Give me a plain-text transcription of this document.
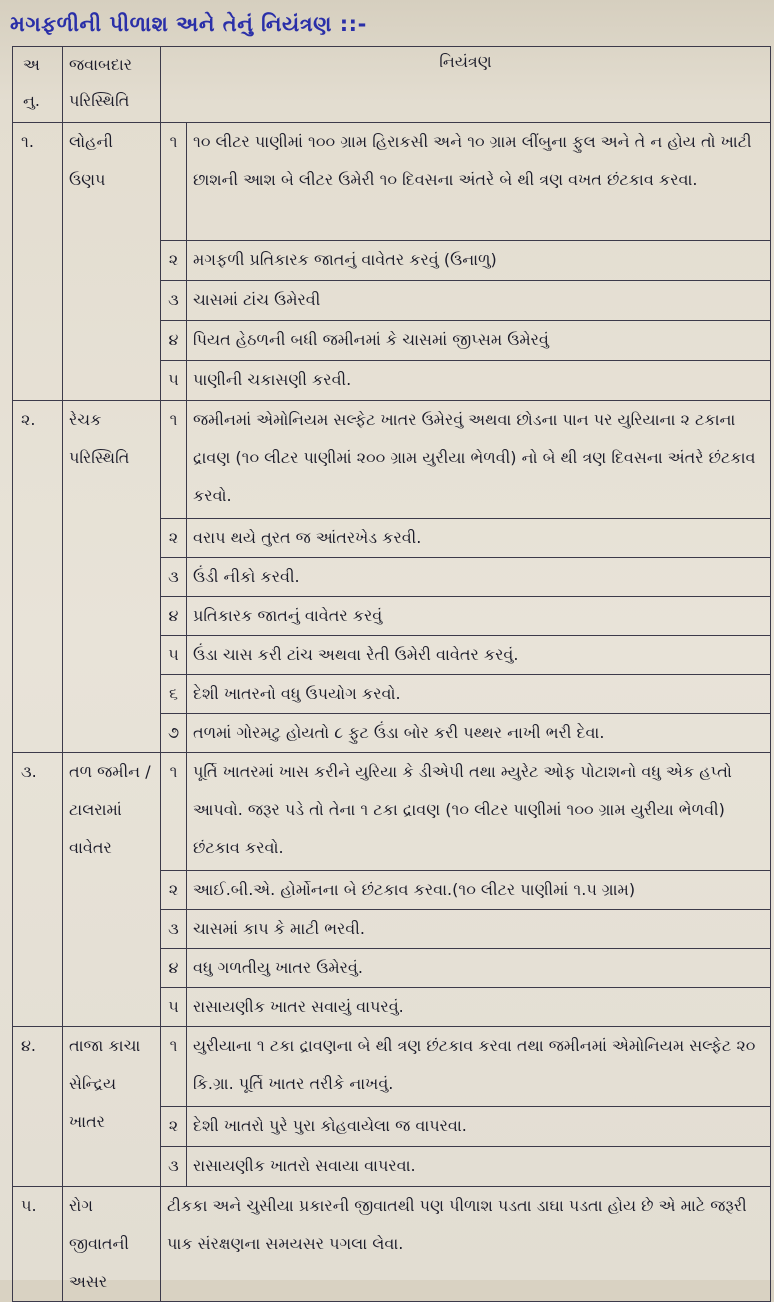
મગફળીની પીળાશ અને તેનું નિયંત્રણ ::-
અ નુ.	જવાબદાર પરિસ્થિતિ	નિયંત્રણ	
૧.	લોહની ઉણપ	૧	૧૦ લીટર પાણીમાં ૧૦૦ ગ્રામ હિરાકસી અને ૧૦ ગ્રામ લીંબુના ફુલ અને તે ન હોય તો ખાટી છાશની આશ બે લીટર ઉમેરી ૧૦ દિવસના અંતરે બે થી ત્રણ વખત છંટકાવ કરવા.
		૨	મગફળી પ્રતિકારક જાતનું વાવેતર કરવું (ઉનાળુ)
		૩	ચાસમાં ટાંચ ઉમેરવી
		૪	પિયત હેઠળની બધી જમીનમાં કે ચાસમાં જીપ્સમ ઉમેરવું
		૫	પાણીની ચકાસણી કરવી.
૨.	રેચક પરિસ્થિતિ	૧	જમીનમાં એમોનિયમ સલ્ફેટ ખાતર ઉમેરવું અથવા છોડના પાન પર યુરિયાના ૨ ટકાના દ્રાવણ (૧૦ લીટર પાણીમાં ૨૦૦ ગ્રામ યુરીયા ભેળવી) નો બે થી ત્રણ દિવસના અંતરે છંટકાવ કરવો.
		૨	વરાપ થયે તુરત જ આંતરખેડ કરવી.
		૩	ઉંડી નીકો કરવી.
		૪	પ્રતિકારક જાતનું વાવેતર કરવું
		૫	ઉંડા ચાસ કરી ટાંચ અથવા રેતી ઉમેરી વાવેતર કરવું.
		૬	દેશી ખાતરનો વધુ ઉપયોગ કરવો.
		૭	તળમાં ગોરમટુ હોયતો ૮ ફુટ ઉંડા બોર કરી પથ્થર નાખી ભરી દેવા.
૩.	તળ જમીન / ટાલરામાં વાવેતર	૧	પૂર્તિ ખાતરમાં ખાસ કરીને યુરિયા કે ડીએપી તથા મ્યુરેટ ઓફ પોટાશનો વધુ એક હપ્તો આપવો. જરૂર પડે તો તેના ૧ ટકા દ્રાવણ (૧૦ લીટર પાણીમાં ૧૦૦ ગ્રામ યુરીયા ભેળવી) છંટકાવ કરવો.
		૨	આઈ.બી.એ. હોર્મોનના બે છંટકાવ કરવા.(૧૦ લીટર પાણીમાં ૧.૫ ગ્રામ)
		૩	ચાસમાં કાપ કે માટી ભરવી.
		૪	વધુ ગળતીયુ ખાતર ઉમેરવું.
		૫	રાસાયણીક ખાતર સવાયું વાપરવું.
૪.	તાજા કાચા સેન્દ્રિય ખાતર	૧	યુરીયાના ૧ ટકા દ્રાવણના બે થી ત્રણ છંટકાવ કરવા તથા જમીનમાં એમોનિયમ સલ્ફેટ ૨૦ કિ.ગ્રા. પૂર્તિ ખાતર તરીકે નાખવું.
		૨	દેશી ખાતરો પુરે પુરા કોહવાયેલા જ વાપરવા.
		૩	રાસાયણીક ખાતરો સવાયા વાપરવા.
૫.	રોગ જીવાતની અસર	ટીકકા અને ચુસીયા પ્રકારની જીવાતથી પણ પીળાશ પડતા ડાઘા પડતા હોય છે એ માટે જરૂરી પાક સંરક્ષણના સમયસર પગલા લેવા.	
